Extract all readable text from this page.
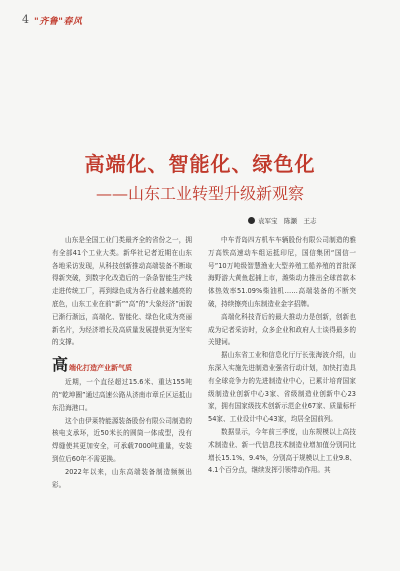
4 "齐鲁"春风
高端化、智能化、绿色化
——山东工业转型升级新观察
袁军宝　陈灏　王志

山东是全国工业门类最齐全的省份之一，拥有全部41个工业大类。新华社记者近期在山东各地采访发现，从科技创新推动高端装备不断取得新突破，到数字化改造后的一条条智能生产线走进传统工厂，再到绿色成为各行业越来越亮的底色，山东工业在前“新”“高”的“大象经济”面貌已渐行渐远，高端化、智能化、绿色化成为亮丽新名片，为经济增长及高质量发展提供更为坚实的支撑。

高 端化打造产业新气质

近期，一个直径超过15.6米、重达155吨的“乾坤圈”通过高速公路从济南市章丘区运抵山东沿海港口。

这个由伊莱特能源装备股份有限公司制造的核电支承环，近50米长的圆筒一体成型，没有焊缝使其更加安全，可承载7000吨重量，安装到位后60年不需更换。

2022年以来，山东高端装备制造频频出彩。

中车青岛四方机车车辆股份有限公司制造的雅万高铁高速动车组运抵印尼，国信集团“国信一号”10万吨级智慧渔业大型养殖工船养殖的首批深海野游大黄鱼起捕上市，潍柴动力推出全球首款本体热效率51.09%柴油机……高端装备的不断突破，持续擦亮山东制造业金字招牌。

高端化科技背后的最大推动力是创新，创新也成为记者采访时，众多企业和政府人士谈得最多的关键词。

据山东省工业和信息化厅厅长张海波介绍，山东深入实施先进制造业强省行动计划，加快打造具有全球竞争力的先进制造业中心，已累计培育国家级制造业创新中心3家、省级制造业创新中心23家，拥有国家级技术创新示范企业67家、质量标杆54家、工业设计中心43家，均居全国前列。

数据显示，今年前三季度，山东规模以上高技术制造业、新一代信息技术制造业增加值分别同比增长15.1%、9.4%，分别高于规模以上工业9.8、4.1个百分点，继续发挥引领带动作用。其
